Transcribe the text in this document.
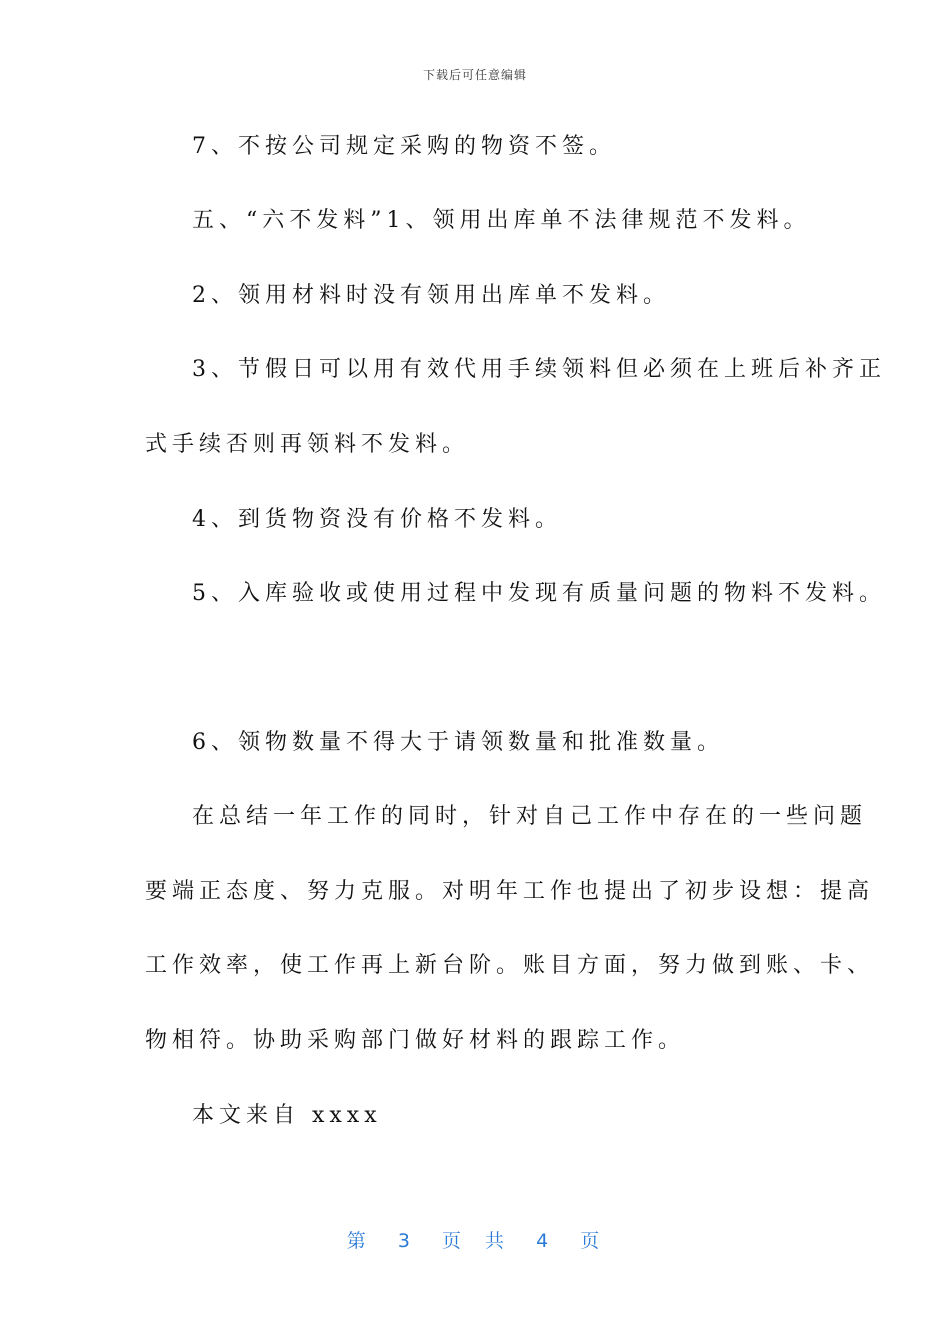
下载后可任意编辑
7、不按公司规定采购的物资不签。
五、“六不发料”1、领用出库单不法律规范不发料。
2、领用材料时没有领用出库单不发料。
3、节假日可以用有效代用手续领料但必须在上班后补齐正
式手续否则再领料不发料。
4、到货物资没有价格不发料。
5、入库验收或使用过程中发现有质量问题的物料不发料。
6、领物数量不得大于请领数量和批准数量。
在总结一年工作的同时，针对自己工作中存在的一些问题
要端正态度、努力克服。对明年工作也提出了初步设想：提高
工作效率，使工作再上新台阶。账目方面，努力做到账、卡、
物相符。协助采购部门做好材料的跟踪工作。
本文来自 xxxx
第 3 页 共 4 页
